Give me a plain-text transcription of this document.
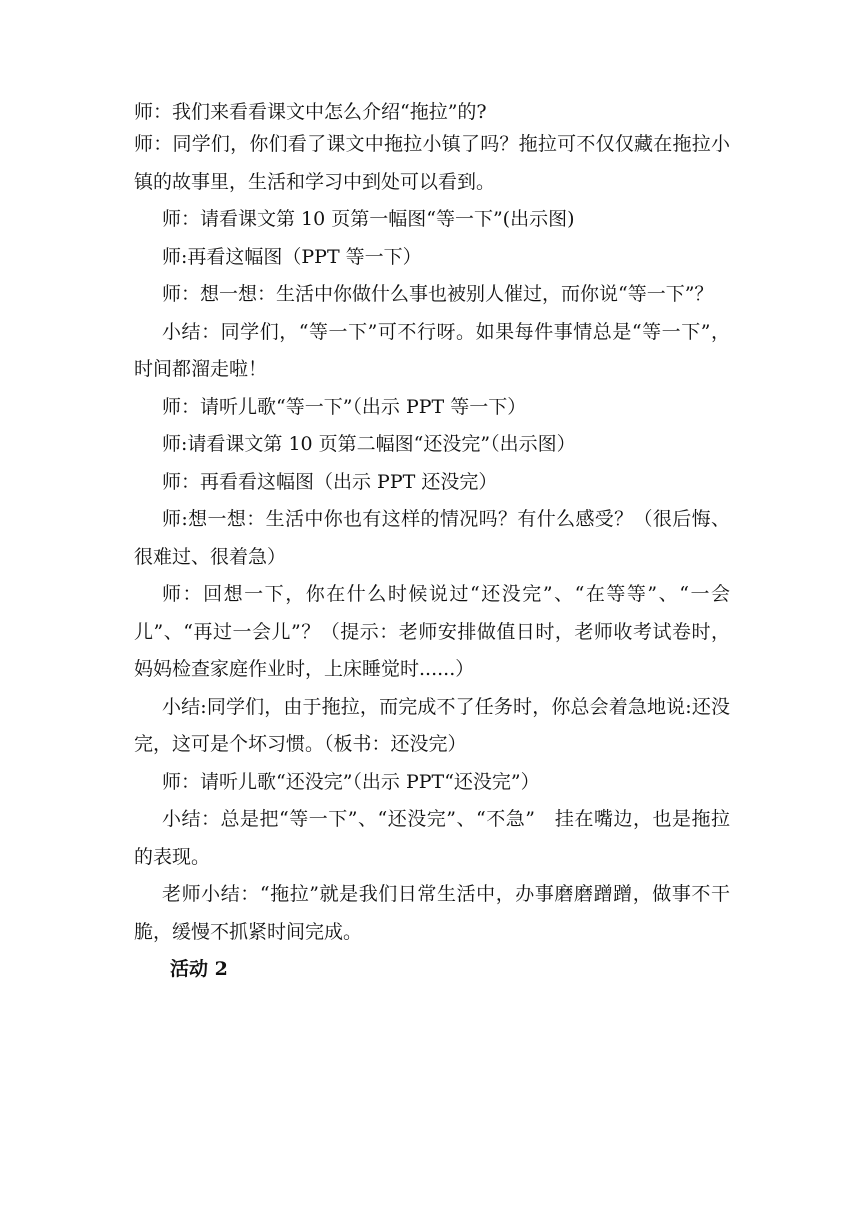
师：我们来看看课文中怎么介绍“拖拉”的?

师：同学们，你们看了课文中拖拉小镇了吗？拖拉可不仅仅藏在拖拉小镇的故事里，生活和学习中到处可以看到。

师：请看课文第 10 页第一幅图“等一下”(出示图)

师:再看这幅图（PPT 等一下）

师：想一想：生活中你做什么事也被别人催过，而你说“等一下”？

小结：同学们，“等一下”可不行呀。如果每件事情总是“等一下”，时间都溜走啦！

师：请听儿歌“等一下”（出示 PPT 等一下）

师:请看课文第 10 页第二幅图“还没完”（出示图）

师：再看看这幅图（出示 PPT 还没完）

师:想一想：生活中你也有这样的情况吗？有什么感受？（很后悔、很难过、很着急）

师：回想一下，你在什么时候说过“还没完”、“在等等”、“一会儿”、“再过一会儿”？（提示：老师安排做值日时，老师收考试卷时，妈妈检查家庭作业时，上床睡觉时......）

小结:同学们，由于拖拉，而完成不了任务时，你总会着急地说:还没完，这可是个坏习惯。（板书：还没完）

师：请听儿歌“还没完”（出示 PPT“还没完”）

小结：总是把“等一下”、“还没完”、“不急”　挂在嘴边，也是拖拉的表现。

老师小结：“拖拉”就是我们日常生活中，办事磨磨蹭蹭，做事不干脆，缓慢不抓紧时间完成。

活动 2
